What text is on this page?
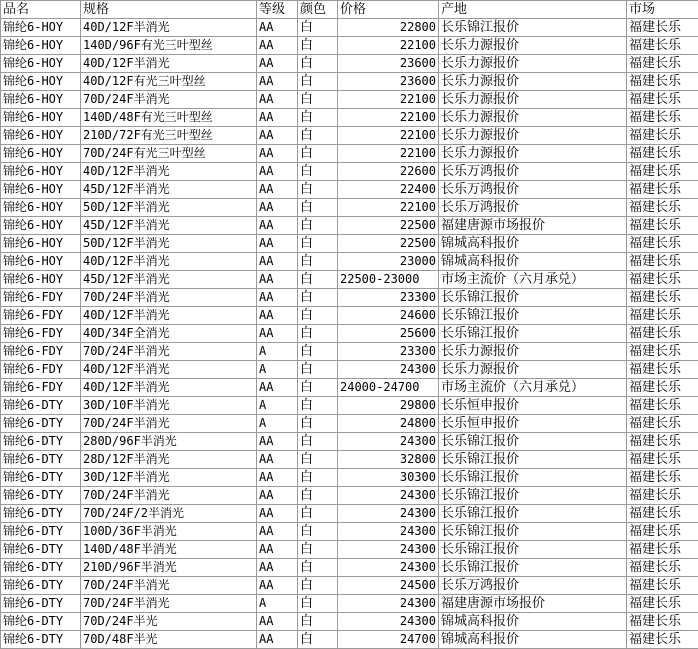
品名	规格	等级	颜色	价格	产地	市场
锦纶6-HOY	40D/12F半消光	AA	白	22800	长乐锦江报价	福建长乐
锦纶6-HOY	140D/96F有光三叶型丝	AA	白	22100	长乐力源报价	福建长乐
锦纶6-HOY	40D/12F半消光	AA	白	23600	长乐力源报价	福建长乐
锦纶6-HOY	40D/12F有光三叶型丝	AA	白	23600	长乐力源报价	福建长乐
锦纶6-HOY	70D/24F半消光	AA	白	22100	长乐力源报价	福建长乐
锦纶6-HOY	140D/48F有光三叶型丝	AA	白	22100	长乐力源报价	福建长乐
锦纶6-HOY	210D/72F有光三叶型丝	AA	白	22100	长乐力源报价	福建长乐
锦纶6-HOY	70D/24F有光三叶型丝	AA	白	22100	长乐力源报价	福建长乐
锦纶6-HOY	40D/12F半消光	AA	白	22600	长乐万鸿报价	福建长乐
锦纶6-HOY	45D/12F半消光	AA	白	22400	长乐万鸿报价	福建长乐
锦纶6-HOY	50D/12F半消光	AA	白	22100	长乐万鸿报价	福建长乐
锦纶6-HOY	45D/12F半消光	AA	白	22500	福建唐源市场报价	福建长乐
锦纶6-HOY	50D/12F半消光	AA	白	22500	锦城高科报价	福建长乐
锦纶6-HOY	40D/12F半消光	AA	白	23000	锦城高科报价	福建长乐
锦纶6-HOY	45D/12F半消光	AA	白	22500-23000	市场主流价（六月承兑）	福建长乐
锦纶6-FDY	70D/24F半消光	AA	白	23300	长乐锦江报价	福建长乐
锦纶6-FDY	40D/12F半消光	AA	白	24600	长乐锦江报价	福建长乐
锦纶6-FDY	40D/34F全消光	AA	白	25600	长乐锦江报价	福建长乐
锦纶6-FDY	70D/24F半消光	A	白	23300	长乐力源报价	福建长乐
锦纶6-FDY	40D/12F半消光	A	白	24300	长乐力源报价	福建长乐
锦纶6-FDY	40D/12F半消光	AA	白	24000-24700	市场主流价（六月承兑）	福建长乐
锦纶6-DTY	30D/10F半消光	A	白	29800	长乐恒申报价	福建长乐
锦纶6-DTY	70D/24F半消光	A	白	24800	长乐恒申报价	福建长乐
锦纶6-DTY	280D/96F半消光	AA	白	24300	长乐锦江报价	福建长乐
锦纶6-DTY	28D/12F半消光	AA	白	32800	长乐锦江报价	福建长乐
锦纶6-DTY	30D/12F半消光	AA	白	30300	长乐锦江报价	福建长乐
锦纶6-DTY	70D/24F半消光	AA	白	24300	长乐锦江报价	福建长乐
锦纶6-DTY	70D/24F/2半消光	AA	白	24300	长乐锦江报价	福建长乐
锦纶6-DTY	100D/36F半消光	AA	白	24300	长乐锦江报价	福建长乐
锦纶6-DTY	140D/48F半消光	AA	白	24300	长乐锦江报价	福建长乐
锦纶6-DTY	210D/96F半消光	AA	白	24300	长乐锦江报价	福建长乐
锦纶6-DTY	70D/24F半消光	AA	白	24500	长乐万鸿报价	福建长乐
锦纶6-DTY	70D/24F半消光	A	白	24300	福建唐源市场报价	福建长乐
锦纶6-DTY	70D/24F半光	AA	白	24300	锦城高科报价	福建长乐
锦纶6-DTY	70D/48F半光	AA	白	24700	锦城高科报价	福建长乐
